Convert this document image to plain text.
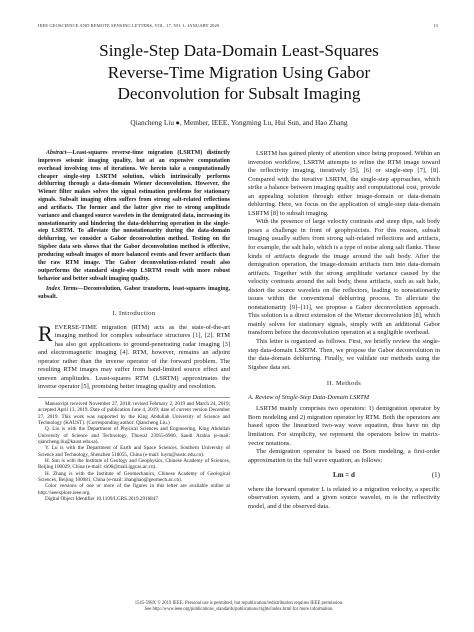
IEEE GEOSCIENCE AND REMOTE SENSING LETTERS, VOL. 17, NO. 1, JANUARY 2020	13
Single-Step Data-Domain Least-Squares
Reverse-Time Migration Using Gabor
Deconvolution for Subsalt Imaging
Qiancheng Liu ●, Member, IEEE, Yongming Lu, Hui Sun, and Hao Zhang

Abstract—Least-squares reverse-time migration (LSRTM) distinctly improves seismic imaging quality, but at an expensive computation overhead involving tens of iterations. We herein take a computationally cheaper single-step LSRTM solution, which intrinsically performs deblurring through a data-domain Wiener deconvolution. However, the Wiener filter makes solves the signal estimation problems for stationary signals. Subsalt imaging often suffers from strong salt-related reflections and artifacts. The former and the latter give rise to strong amplitude variance and changed source wavelets in the demigrated data, increasing its nonstationarity and hindering the data-deblurring operation in the single-step LSRTM. To alleviate the nonstationarity during the data-domain deblurring, we consider a Gabor deconvolution method. Testing on the Sigsbee data sets shows that the Gabor deconvolution method is effective, producing subsalt images of more balanced events and fewer artifacts than the raw RTM image. The Gabor deconvolution-related result also outperforms the standard single-step LSRTM result with more robust behavior and better subsalt imaging quality.

Index Terms—Deconvolution, Gabor transform, least-squares imaging, subsalt.

I. Introduction

REVERSE-TIME migration (RTM) acts as the state-of-the-art imaging method for complex subsurface structures [1], [2]. RTM has also got applications to ground-penetrating radar imaging [3] and electromagnetic imaging [4]. RTM, however, remains an adjoint operator rather than the inverse operator of the forward problem. The resulting RTM images may suffer from band-limited source effect and uneven amplitudes. Least-squares RTM (LSRTM) approximates the inverse operator [5], promising better imaging quality and resolution.

Manuscript received November 27, 2018; revised February 2, 2019 and March 24, 2019; accepted April 13, 2019. Date of publication June 4, 2019; date of current version December 27, 2019. This work was supported by the King Abdullah University of Science and Technology (KAUST). (Corresponding author: Qiancheng Liu.)

Q. Liu is with the Department of Physical Sciences and Engineering, King Abdullah University of Science and Technology, Thuwal 23955-6900, Saudi Arabia (e-mail: qiancheng.liu@kaust.edu.sa).

Y. Lu is with the Department of Earth and Space Sciences, Southern University of Science and Technology, Shenzhen 518055, China (e-mail: luym@sustc.edu.cn).

H. Sun is with the Institute of Geology and Geophysics, Chinese Academy of Sciences, Beijing 100029, China (e-mail: sh96@mail.iggcas.ac.cn).

H. Zhang is with the Institute of Geomechanics, Chinese Academy of Geological Sciences, Beijing 100081, China (e-mail: zhanghao@geomech.ac.cn).

Color versions of one or more of the figures in this letter are available online at http://ieeexplore.ieee.org.

Digital Object Identifier 10.1109/LGRS.2019.2916847

LSRTM has gained plenty of attention since being proposed. Within an inversion workflow, LSRTM attempts to refine the RTM image toward the reflectivity imaging, iteratively [5], [6] or single-step [7], [8]. Compared with the iterative LSRTM, the single-step approaches, which strike a balance between imaging quality and computational cost, provide an appealing solution through either image-domain or data-domain deblurring. Here, we focus on the application of single-step data-domain LSRTM [8] to subsalt imaging.

With the presence of large velocity contrasts and steep dips, salt body poses a challenge in front of geophysicists. For this reason, subsalt imaging usually suffers from strong salt-related reflections and artifacts, for example, the salt halo, which is a type of noise along salt flanks. These kinds of artifacts degrade the image around the salt body. After the demigration operation, the image-domain artifacts turn into data-domain artifacts. Together with the strong amplitude variance caused by the velocity contrasts around the salt body, these artifacts, such as salt halo, distort the source wavelets on the reflectors, leading to nonstationarity issues within the conventional deblurring process. To alleviate the nonstationarity [9]–[11], we propose a Gabor deconvolution approach. This solution is a direct extension of the Wiener deconvolution [8], which mainly solves for stationary signals, simply with an additional Gabor transform before the deconvolution operation at a negligible overhead.

This letter is organized as follows. First, we briefly review the single-step data-domain LSRTM. Then, we propose the Gabor deconvolution in the data-domain deblurring. Finally, we validate our methods using the Sigsbee data set.

II. Methods
A. Review of Single-Step Data-Domain LSRTM

LSRTM mainly comprises two operators: 1) demigration operator by Born modeling and 2) migration operator by RTM. Both the operators are based upon the linearized two-way wave equation, thus have no dip limitation. For simplicity, we represent the operators below in matrix-vector notations.

The demigration operator is based on Born modeling, a first-order approximation to the full wave equation, as follows:

Lm = d	(1)

where the forward operator L is related to a migration velocity, a specific observation system, and a given source wavelet, m is the reflectivity model, and d the observed data.

1545-598X © 2019 IEEE. Personal use is permitted, but republication/redistribution requires IEEE permission.
See http://www.ieee.org/publications_standards/publications/rights/index.html for more information.
